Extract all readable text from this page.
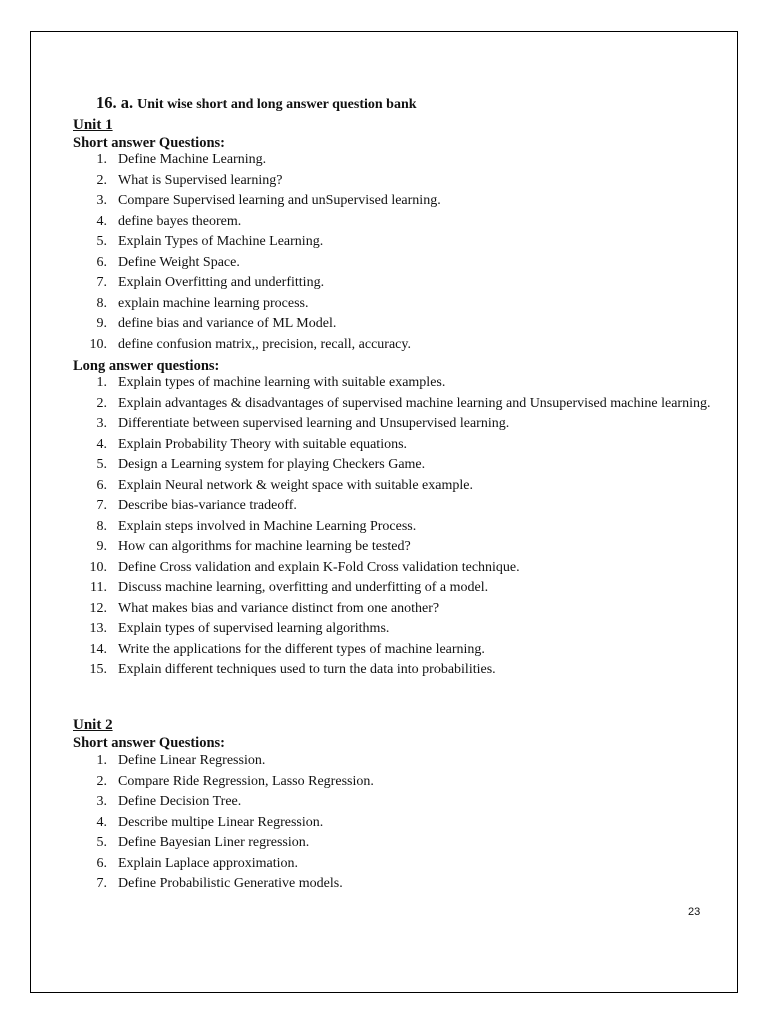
16. a. Unit wise short and long answer question bank
Unit 1
Short answer Questions:
1. Define Machine Learning.
2. What is Supervised learning?
3. Compare Supervised learning and unSupervised learning.
4. define bayes theorem.
5. Explain Types of Machine Learning.
6. Define Weight Space.
7. Explain Overfitting and underfitting.
8. explain machine learning process.
9. define bias and variance of ML Model.
10. define confusion matrix,, precision, recall, accuracy.
Long answer questions:
1. Explain types of machine learning with suitable examples.
2. Explain advantages & disadvantages of supervised machine learning and Unsupervised machine learning.
3. Differentiate between supervised learning and Unsupervised learning.
4. Explain Probability Theory with suitable equations.
5. Design a Learning system for playing Checkers Game.
6. Explain Neural network & weight space with suitable example.
7. Describe bias-variance tradeoff.
8. Explain steps involved in Machine Learning Process.
9. How can algorithms for machine learning be tested?
10. Define Cross validation and explain K-Fold Cross validation technique.
11. Discuss machine learning, overfitting and underfitting of a model.
12. What makes bias and variance distinct from one another?
13. Explain types of supervised learning algorithms.
14. Write the applications for the different types of machine learning.
15. Explain different techniques used to turn the data into probabilities.
Unit 2
Short answer Questions:
1. Define Linear Regression.
2. Compare Ride Regression, Lasso Regression.
3. Define Decision Tree.
4. Describe multipe Linear Regression.
5. Define Bayesian Liner regression.
6. Explain Laplace approximation.
7. Define Probabilistic Generative models.
23
